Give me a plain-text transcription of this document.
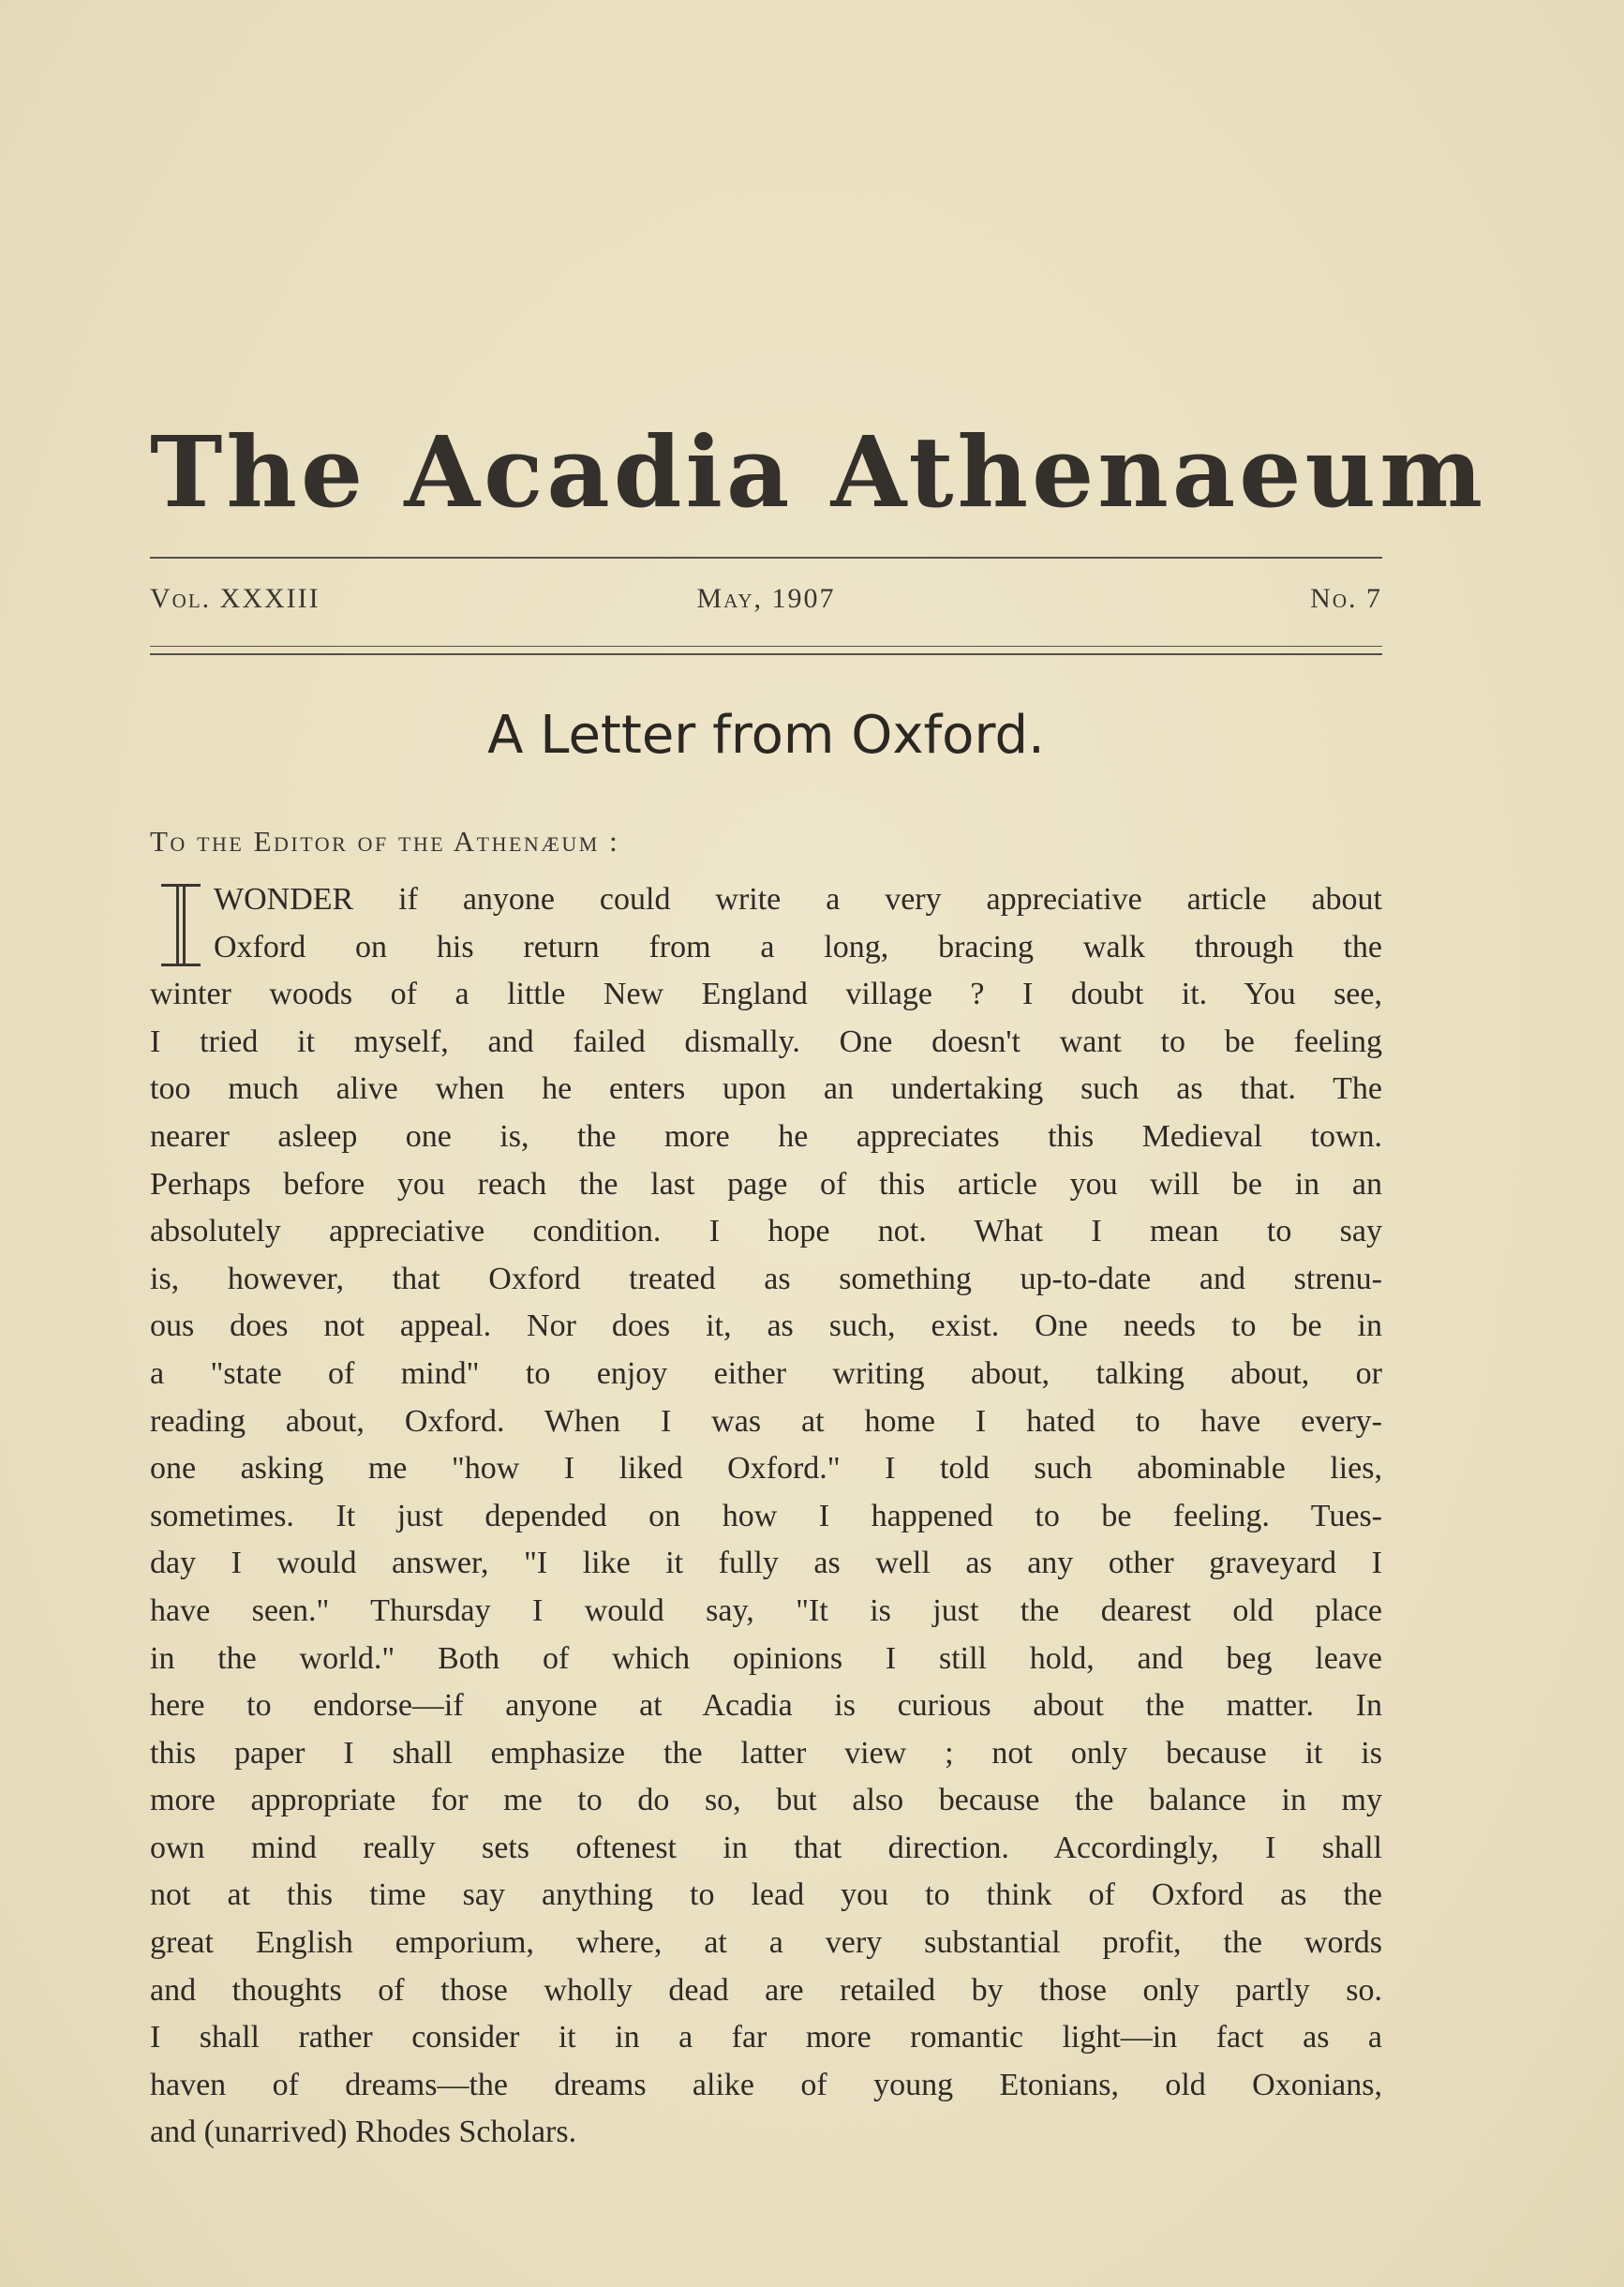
The Acadia Athenaeum
Vol. XXXIII	May, 1907	No. 7
A Letter from Oxford.
To the Editor of the Athenæum :
WONDER if anyone could write a very appreciative article about
Oxford on his return from a long, bracing walk through the
winter woods of a little New England village ? I doubt it. You see,
I tried it myself, and failed dismally. One doesn't want to be feeling
too much alive when he enters upon an undertaking such as that. The
nearer asleep one is, the more he appreciates this Medieval town.
Perhaps before you reach the last page of this article you will be in an
absolutely appreciative condition. I hope not. What I mean to say
is, however, that Oxford treated as something up-to-date and strenu-
ous does not appeal. Nor does it, as such, exist. One needs to be in
a "state of mind" to enjoy either writing about, talking about, or
reading about, Oxford. When I was at home I hated to have every-
one asking me "how I liked Oxford." I told such abominable lies,
sometimes. It just depended on how I happened to be feeling. Tues-
day I would answer, "I like it fully as well as any other graveyard I
have seen." Thursday I would say, "It is just the dearest old place
in the world." Both of which opinions I still hold, and beg leave
here to endorse—if anyone at Acadia is curious about the matter. In
this paper I shall emphasize the latter view ; not only because it is
more appropriate for me to do so, but also because the balance in my
own mind really sets oftenest in that direction. Accordingly, I shall
not at this time say anything to lead you to think of Oxford as the
great English emporium, where, at a very substantial profit, the words
and thoughts of those wholly dead are retailed by those only partly so.
I shall rather consider it in a far more romantic light—in fact as a
haven of dreams—the dreams alike of young Etonians, old Oxonians,
and (unarrived) Rhodes Scholars.
